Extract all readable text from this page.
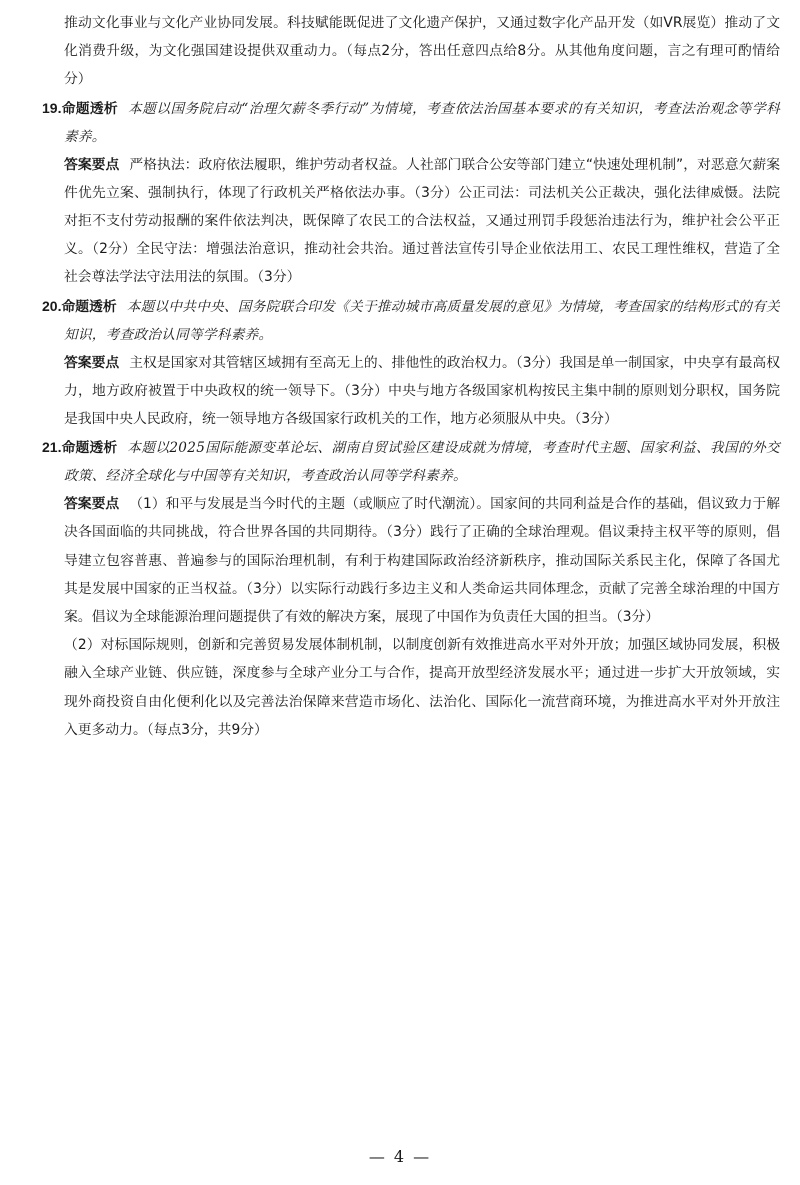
推动文化事业与文化产业协同发展。科技赋能既促进了文化遗产保护，又通过数字化产品开发（如VR展览）推动了文化消费升级，为文化强国建设提供双重动力。（每点2分，答出任意四点给8分。从其他角度问题，言之有理可酌情给分）

19.命题透析 本题以国务院启动“治理欠薪冬季行动”为情境，考查依法治国基本要求的有关知识，考查法治观念等学科素养。

答案要点 严格执法：政府依法履职，维护劳动者权益。人社部门联合公安等部门建立“快速处理机制”，对恶意欠薪案件优先立案、强制执行，体现了行政机关严格依法办事。（3分）公正司法：司法机关公正裁决，强化法律威慑。法院对拒不支付劳动报酬的案件依法判决，既保障了农民工的合法权益，又通过刑罚手段惩治违法行为，维护社会公平正义。（2分）全民守法：增强法治意识，推动社会共治。通过普法宣传引导企业依法用工、农民工理性维权，营造了全社会尊法学法守法用法的氛围。（3分）

20.命题透析 本题以中共中央、国务院联合印发《关于推动城市高质量发展的意见》为情境，考查国家的结构形式的有关知识，考查政治认同等学科素养。

答案要点 主权是国家对其管辖区域拥有至高无上的、排他性的政治权力。（3分）我国是单一制国家，中央享有最高权力，地方政府被置于中央政权的统一领导下。（3分）中央与地方各级国家机构按民主集中制的原则划分职权，国务院是我国中央人民政府，统一领导地方各级国家行政机关的工作，地方必须服从中央。（3分）

21.命题透析 本题以2025国际能源变革论坛、湖南自贸试验区建设成就为情境，考查时代主题、国家利益、我国的外交政策、经济全球化与中国等有关知识，考查政治认同等学科素养。

答案要点 （1）和平与发展是当今时代的主题（或顺应了时代潮流）。国家间的共同利益是合作的基础，倡议致力于解决各国面临的共同挑战，符合世界各国的共同期待。（3分）践行了正确的全球治理观。倡议秉持主权平等的原则，倡导建立包容普惠、普遍参与的国际治理机制，有利于构建国际政治经济新秩序，推动国际关系民主化，保障了各国尤其是发展中国家的正当权益。（3分）以实际行动践行多边主义和人类命运共同体理念，贡献了完善全球治理的中国方案。倡议为全球能源治理问题提供了有效的解决方案，展现了中国作为负责任大国的担当。（3分）

（2）对标国际规则，创新和完善贸易发展体制机制，以制度创新有效推进高水平对外开放；加强区域协同发展，积极融入全球产业链、供应链，深度参与全球产业分工与合作，提高开放型经济发展水平；通过进一步扩大开放领域，实现外商投资自由化便利化以及完善法治保障来营造市场化、法治化、国际化一流营商环境，为推进高水平对外开放注入更多动力。（每点3分，共9分）

— 4 —
